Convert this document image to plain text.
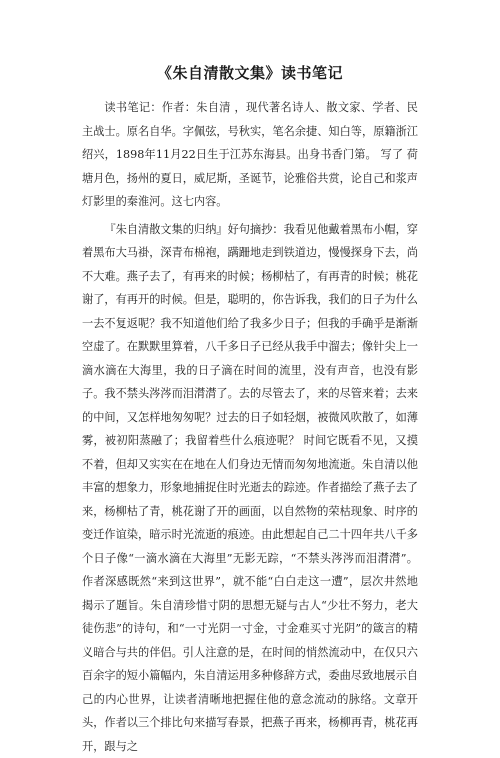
《朱自清散文集》读书笔记

读书笔记：作者：朱自清 ，现代著名诗人、散文家、学者、民主战士。原名自华。字佩弦，号秋实，笔名余捷、知白等，原籍浙江绍兴，1898年11月22日生于江苏东海县。出身书香门第。 写了 荷塘月色，扬州的夏日，威尼斯，圣诞节，论雅俗共赏，论自己和浆声灯影里的秦淮河。这七内容。

『朱自清散文集的归纳』好句摘抄：我看见他戴着黑布小帽，穿着黑布大马褂，深青布棉袍，蹒跚地走到铁道边，慢慢探身下去，尚不大难。燕子去了，有再来的时候；杨柳枯了，有再青的时候；桃花谢了，有再开的时候。但是，聪明的，你告诉我，我们的日子为什么一去不复返呢？我不知道他们给了我多少日子；但我的手确乎是渐渐空虚了。在默默里算着，八千多日子已经从我手中溜去；像针尖上一滴水滴在大海里，我的日子滴在时间的流里，没有声音，也没有影子。我不禁头涔涔而泪潸潸了。去的尽管去了，来的尽管来着；去来的中间，又怎样地匆匆呢？过去的日子如轻烟，被微风吹散了，如薄雾，被初阳蒸融了；我留着些什么痕迹呢？ 时间它既看不见，又摸不着，但却又实实在在地在人们身边无情而匆匆地流逝。朱自清以他丰富的想象力，形象地捕捉住时光逝去的踪迹。作者描绘了燕子去了来，杨柳枯了青，桃花谢了开的画面，以自然物的荣枯现象、时序的变迁作谊染，暗示时光流逝的痕迹。由此想起自己二十四年共八千多个日子像“一滴水滴在大海里”无影无踪，“不禁头涔涔而泪潸潸”。作者深感既然“来到这世界”，就不能“白白走这一遭”，层次井然地揭示了题旨。朱自清珍惜寸阴的思想无疑与古人“少壮不努力，老大徒伤悲”的诗句，和“一寸光阴一寸金，寸金难买寸光阴”的箴言的精义暗合与共的伴侣。引人注意的是，在时间的悄然流动中，在仅只六百余字的短小篇幅内，朱自清运用多种修辞方式，委曲尽致地展示自己的内心世界，让读者清晰地把握住他的意念流动的脉络。文章开头，作者以三个排比句来描写春景，把燕子再来，杨柳再青，桃花再开，跟与之
